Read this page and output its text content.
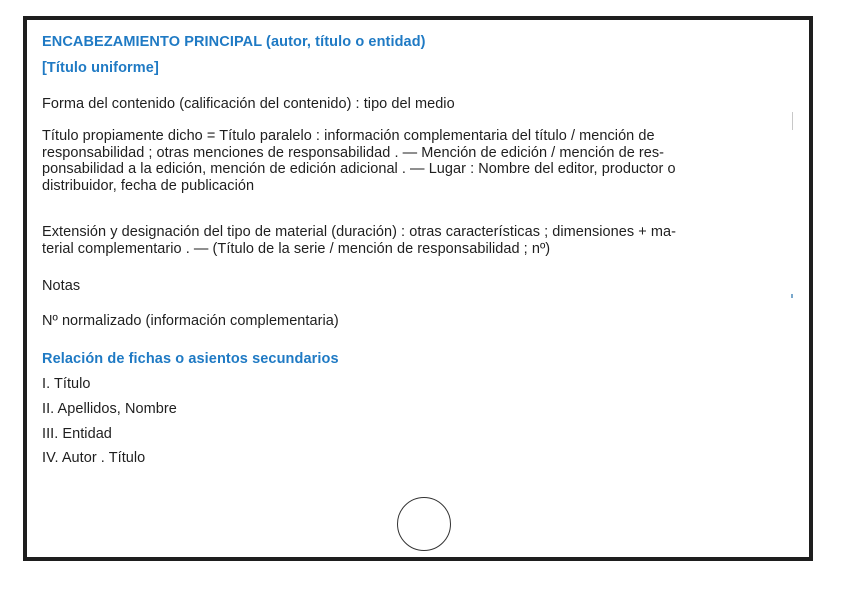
ENCABEZAMIENTO PRINCIPAL (autor, título o entidad)
[Título uniforme]

Forma del contenido (calificación del contenido) : tipo del medio

Título propiamente dicho = Título paralelo : información complementaria del título / mención de
responsabilidad ; otras menciones de responsabilidad . — Mención de edición / mención de res-
ponsabilidad a la edición, mención de edición adicional . — Lugar : Nombre del editor, productor o
distribuidor, fecha de publicación
Extensión y designación del tipo de material (duración) : otras características ; dimensiones + ma-
terial complementario . — (Título de la serie / mención de responsabilidad ; nº)

Notas

Nº normalizado (información complementaria)

Relación de fichas o asientos secundarios

I. Título

II. Apellidos, Nombre

III. Entidad

IV. Autor . Título
